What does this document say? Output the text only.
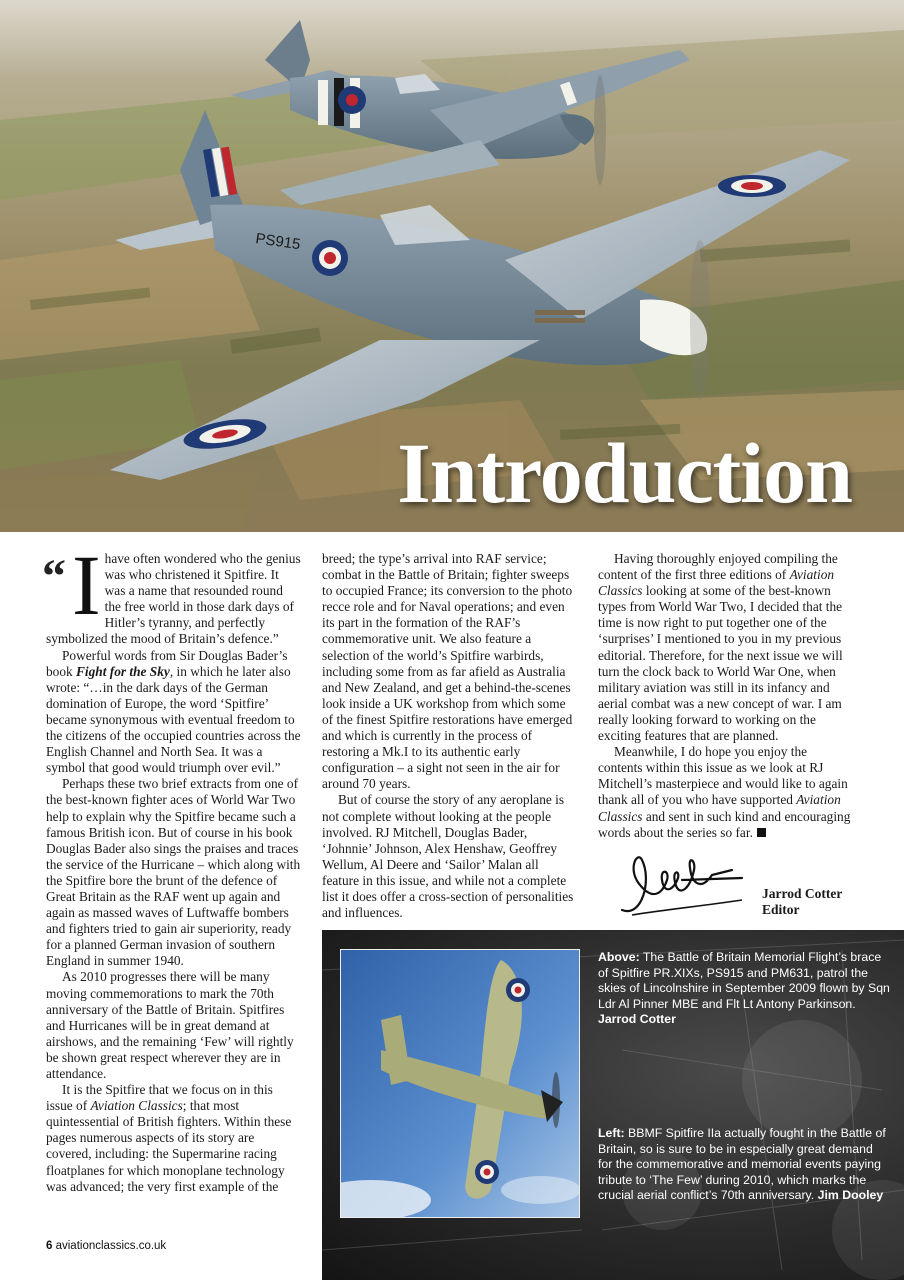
PS915
Introduction
“ I have often wondered who the genius was who christened it Spitfire. It was a name that resounded round the free world in those dark days of Hitler’s tyranny, and perfectly symbolized the mood of Britain’s defence.”

Powerful words from Sir Douglas Bader’s book Fight for the Sky, in which he later also wrote: “…in the dark days of the German domination of Europe, the word ‘Spitfire’ became synonymous with eventual freedom to the citizens of the occupied countries across the English Channel and North Sea. It was a symbol that good would triumph over evil.”

Perhaps these two brief extracts from one of the best-known fighter aces of World War Two help to explain why the Spitfire became such a famous British icon. But of course in his book Douglas Bader also sings the praises and traces the service of the Hurricane – which along with the Spitfire bore the brunt of the defence of Great Britain as the RAF went up again and again as massed waves of Luftwaffe bombers and fighters tried to gain air superiority, ready for a planned German invasion of southern England in summer 1940.

As 2010 progresses there will be many moving commemorations to mark the 70th anniversary of the Battle of Britain. Spitfires and Hurricanes will be in great demand at airshows, and the remaining ‘Few’ will rightly be shown great respect wherever they are in attendance.

It is the Spitfire that we focus on in this issue of Aviation Classics; that most quintessential of British fighters. Within these pages numerous aspects of its story are covered, including: the Supermarine racing floatplanes for which monoplane technology was advanced; the very first example of the

breed; the type’s arrival into RAF service; combat in the Battle of Britain; fighter sweeps to occupied France; its conversion to the photo recce role and for Naval operations; and even its part in the formation of the RAF’s commemorative unit. We also feature a selection of the world’s Spitfire warbirds, including some from as far afield as Australia and New Zealand, and get a behind-the-scenes look inside a UK workshop from which some of the finest Spitfire restorations have emerged and which is currently in the process of restoring a Mk.I to its authentic early configuration – a sight not seen in the air for around 70 years.

But of course the story of any aeroplane is not complete without looking at the people involved. RJ Mitchell, Douglas Bader, ‘Johnnie’ Johnson, Alex Henshaw, Geoffrey Wellum, Al Deere and ‘Sailor’ Malan all feature in this issue, and while not a complete list it does offer a cross-section of personalities and influences.

Having thoroughly enjoyed compiling the content of the first three editions of Aviation Classics looking at some of the best-known types from World War Two, I decided that the time is now right to put together one of the ‘surprises’ I mentioned to you in my previous editorial. Therefore, for the next issue we will turn the clock back to World War One, when military aviation was still in its infancy and aerial combat was a new concept of war. I am really looking forward to working on the exciting features that are planned.

Meanwhile, I do hope you enjoy the contents within this issue as we look at RJ Mitchell’s masterpiece and would like to again thank all of you who have supported Aviation Classics and sent in such kind and encouraging words about the series so far.

Jarrod Cotter
Editor
Above: The Battle of Britain Memorial Flight’s brace of Spitfire PR.XIXs, PS915 and PM631, patrol the skies of Lincolnshire in September 2009 flown by Sqn Ldr Al Pinner MBE and Flt Lt Antony Parkinson. Jarrod Cotter
Left: BBMF Spitfire IIa actually fought in the Battle of Britain, so is sure to be in especially great demand for the commemorative and memorial events paying tribute to ‘The Few’ during 2010, which marks the crucial aerial conflict’s 70th anniversary. Jim Dooley
6 aviationclassics.co.uk
